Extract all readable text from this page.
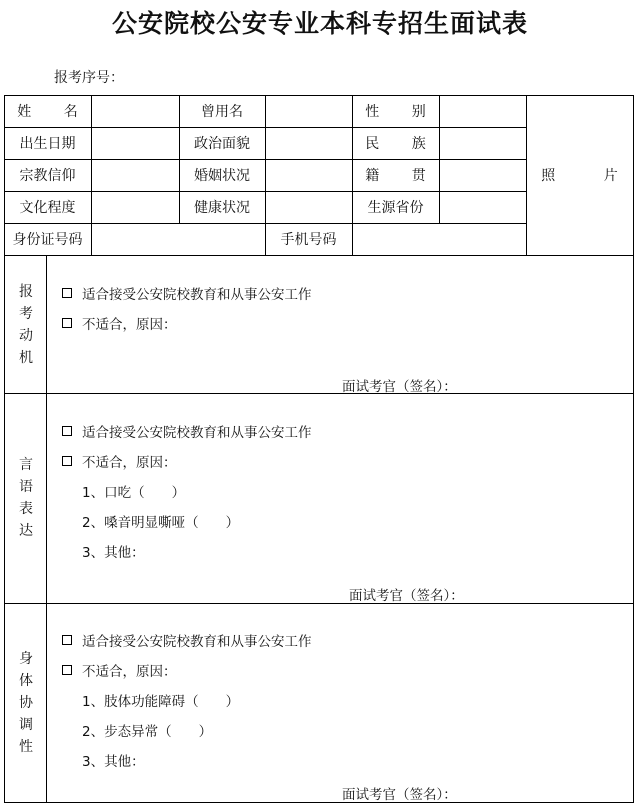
公安院校公安专业本科专招生面试表
报考序号：
姓 名	曾用名	性 别
出生日期	政治面貌	民 族
宗教信仰	婚姻状况	籍 贯
文化程度	健康状况	生源省份
身份证号码	手机号码
照 片
报
考
动
机
适合接受公安院校教育和从事公安工作
不适合，原因：
面试考官（签名）：
言
语
表
达
适合接受公安院校教育和从事公安工作
不适合，原因：
1、口吃（　　）
2、嗓音明显嘶哑（　　）
3、其他：
面试考官（签名）：
身
体
协
调
性
适合接受公安院校教育和从事公安工作
不适合，原因：
1、肢体功能障碍（　　）
2、步态异常（　　）
3、其他：
面试考官（签名）：
